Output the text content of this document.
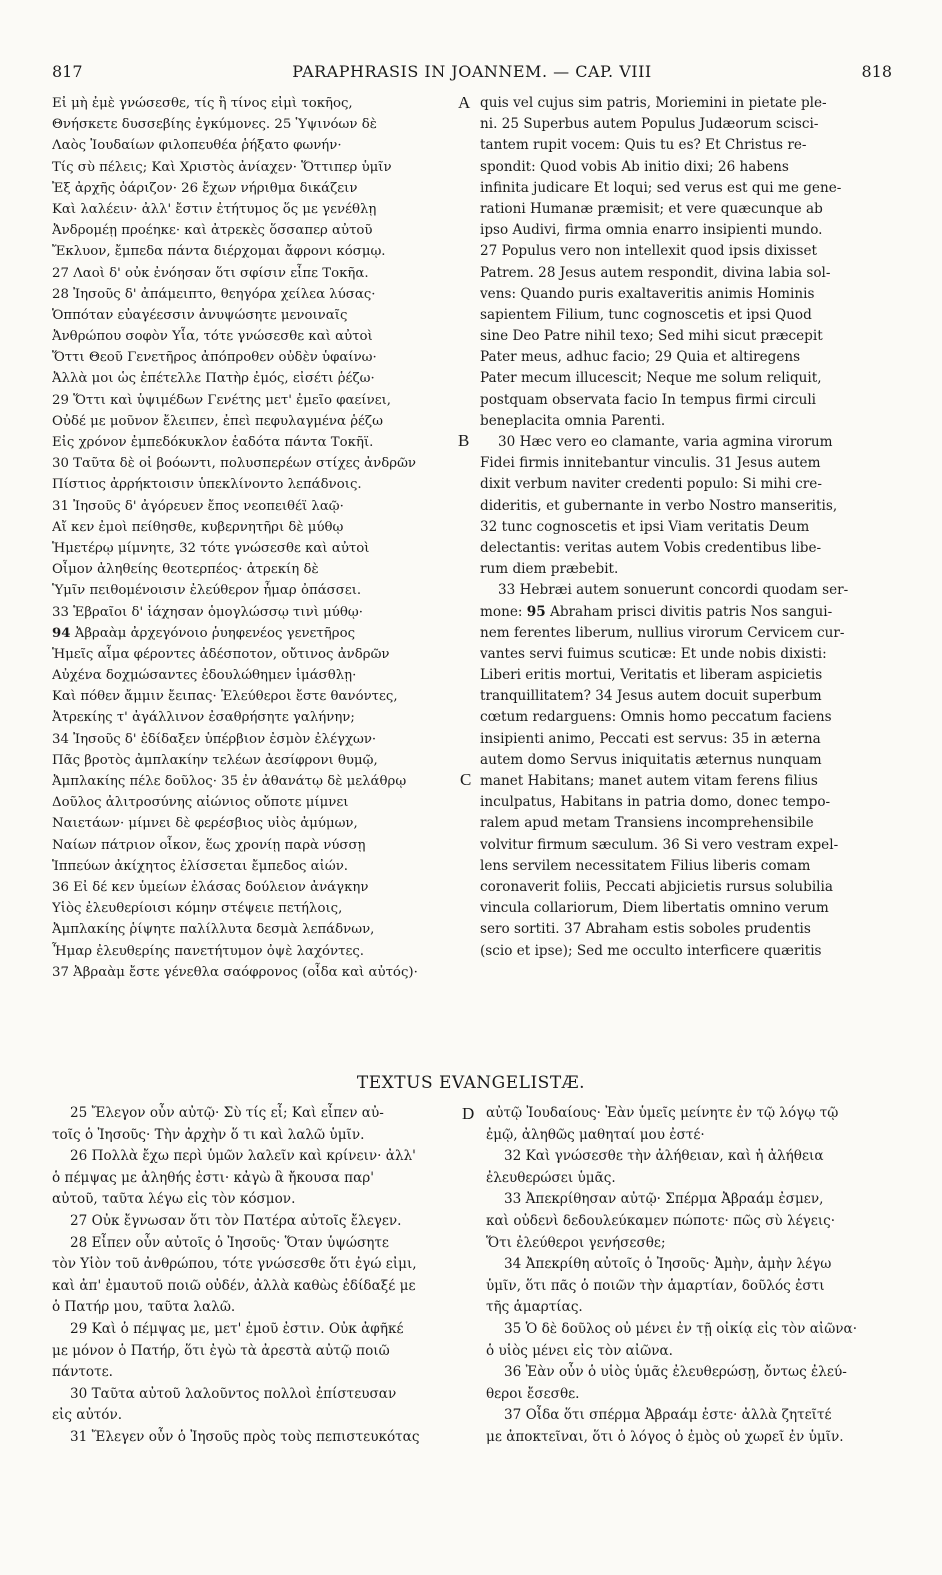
817	PARAPHRASIS IN JOANNEM. — CAP. VIII	818
Εἰ μὴ ἐμὲ γνώσεσθε, τίς ἢ τίνος εἰμὶ τοκῆος,
Θνήσκετε δυσσεβίης ἐγκύμονες. 25 Ὑψινόων δὲ
Λαὸς Ἰουδαίων φιλοπευθέα ῥήξατο φωνήν·
Τίς σὺ πέλεις; Καὶ Χριστὸς ἀνίαχεν· Ὅττιπερ ὑμῖν
Ἐξ ἀρχῆς ὀάριζον· 26 ἔχων νήριθμα δικάζειν
Καὶ λαλέειν· ἀλλ' ἔστιν ἐτήτυμος ὅς με γενέθλῃ
Ἀνδρομέῃ προέηκε· καὶ ἀτρεκὲς ὅσσαπερ αὐτοῦ
Ἔκλυον, ἔμπεδα πάντα διέρχομαι ἄφρονι κόσμῳ.
27 Λαοὶ δ' οὐκ ἐνόησαν ὅτι σφίσιν εἶπε Τοκῆα.
28 Ἰησοῦς δ' ἀπάμειπτο, θεηγόρα χείλεα λύσας·
Ὁππόταν εὐαγέεσσιν ἀνυψώσητε μενοιναῖς
Ἀνθρώπου σοφὸν Υἷα, τότε γνώσεσθε καὶ αὐτοὶ
Ὅττι Θεοῦ Γενετῆρος ἀπόπροθεν οὐδὲν ὑφαίνω·
Ἀλλὰ μοι ὡς ἐπέτελλε Πατὴρ ἐμός, εἰσέτι ῥέζω·
29 Ὅττι καὶ ὑψιμέδων Γενέτης μετ' ἐμεῖο φαείνει,
Οὐδέ με μοῦνον ἔλειπεν, ἐπεὶ πεφυλαγμένα ῥέζω
Εἰς χρόνον ἐμπεδόκυκλον ἑαδότα πάντα Τοκῆϊ.
30 Ταῦτα δὲ οἱ βοόωντι, πολυσπερέων στίχες ἀνδρῶν
Πίστιος ἀρρήκτοισιν ὑπεκλίνοντο λεπάδνοις.
31 Ἰησοῦς δ' ἀγόρευεν ἔπος νεοπειθέϊ λαῷ·
Αἴ κεν ἐμοὶ πείθησθε, κυβερνητῆρι δὲ μύθῳ
Ἡμετέρῳ μίμνητε, 32 τότε γνώσεσθε καὶ αὐτοὶ
Οἶμον ἀληθείης θεοτερπέος· ἀτρεκίη δὲ
Ὑμῖν πειθομένοισιν ἐλεύθερον ἦμαρ ὀπάσσει.
33 Ἑβραῖοι δ' ἰάχησαν ὁμογλώσσῳ τινὶ μύθῳ·
94 Ἀβραὰμ ἀρχεγόνοιο ῥυηφενέος γενετῆρος
Ἡμεῖς αἷμα φέροντες ἀδέσποτον, οὔτινος ἀνδρῶν
Αὐχένα δοχμώσαντες ἐδουλώθημεν ἱμάσθλῃ·
Καὶ πόθεν ἄμμιν ἔειπας· Ἐλεύθεροι ἔστε θανόντες,
Ἀτρεκίης τ' ἀγάλλινον ἐσαθρήσητε γαλήνην;
34 Ἰησοῦς δ' ἐδίδαξεν ὑπέρβιον ἐσμὸν ἐλέγχων·
Πᾶς βροτὸς ἀμπλακίην τελέων ἀεσίφρονι θυμῷ,
Ἀμπλακίης πέλε δοῦλος· 35 ἐν ἀθανάτῳ δὲ μελάθρῳ
Δοῦλος ἀλιτροσύνης αἰώνιος οὔποτε μίμνει
Ναιετάων· μίμνει δὲ φερέσβιος υἱὸς ἀμύμων,
Ναίων πάτριον οἶκον, ἕως χρονίῃ παρὰ νύσσῃ
Ἱππεύων ἀκίχητος ἐλίσσεται ἔμπεδος αἰών.
36 Εἰ δέ κεν ὑμείων ἐλάσας δούλειον ἀνάγκην
Υἱὸς ἐλευθερίοισι κόμην στέψειε πετήλοις,
Ἀμπλακίης ῥίψητε παλίλλυτα δεσμὰ λεπάδνων,
Ἦμαρ ἐλευθερίης πανετήτυμον ὀψὲ λαχόντες.
37 Ἀβραὰμ ἔστε γένεθλα σαόφρονος (οἶδα καὶ αὐτός)·
quis vel cujus sim patris, Moriemini in pietate ple-
ni. 25 Superbus autem Populus Judæorum scisci-
tantem rupit vocem: Quis tu es? Et Christus re-
spondit: Quod vobis Ab initio dixi; 26 habens
infinita judicare Et loqui; sed verus est qui me gene-
rationi Humanæ præmisit; et vere quæcunque ab
ipso Audivi, firma omnia enarro insipienti mundo.
27 Populus vero non intellexit quod ipsis dixisset
Patrem. 28 Jesus autem respondit, divina labia sol-
vens: Quando puris exaltaveritis animis Hominis
sapientem Filium, tunc cognoscetis et ipsi Quod
sine Deo Patre nihil texo; Sed mihi sicut præcepit
Pater meus, adhuc facio; 29 Quia et altiregens
Pater mecum illucescit; Neque me solum reliquit,
postquam observata facio In tempus firmi circuli
beneplacita omnia Parenti.
30 Hæc vero eo clamante, varia agmina virorum
Fidei firmis innitebantur vinculis. 31 Jesus autem
dixit verbum naviter credenti populo: Si mihi cre-
dideritis, et gubernante in verbo Nostro manseritis,
32 tunc cognoscetis et ipsi Viam veritatis Deum
delectantis: veritas autem Vobis credentibus libe-
rum diem præbebit.
33 Hebræi autem sonuerunt concordi quodam ser-
mone: 95 Abraham prisci divitis patris Nos sangui-
nem ferentes liberum, nullius virorum Cervicem cur-
vantes servi fuimus scuticæ: Et unde nobis dixisti:
Liberi eritis mortui, Veritatis et liberam aspicietis
tranquillitatem? 34 Jesus autem docuit superbum
cœtum redarguens: Omnis homo peccatum faciens
insipienti animo, Peccati est servus: 35 in æterna
autem domo Servus iniquitatis æternus nunquam
manet Habitans; manet autem vitam ferens filius
inculpatus, Habitans in patria domo, donec tempo-
ralem apud metam Transiens incomprehensibile
volvitur firmum sæculum. 36 Si vero vestram expel-
lens servilem necessitatem Filius liberis comam
coronaverit foliis, Peccati abjicietis rursus solubilia
vincula collariorum, Diem libertatis omnino verum
sero sortiti. 37 Abraham estis soboles prudentis
(scio et ipse); Sed me occulto interficere quæritis
A
B
C
D
TEXTUS EVANGELISTÆ.
25 Ἔλεγον οὖν αὐτῷ· Σὺ τίς εἶ; Καὶ εἶπεν αὐ-
τοῖς ὁ Ἰησοῦς· Τὴν ἀρχὴν ὅ τι καὶ λαλῶ ὑμῖν.
26 Πολλὰ ἔχω περὶ ὑμῶν λαλεῖν καὶ κρίνειν· ἀλλ'
ὁ πέμψας με ἀληθής ἐστι· κἀγὼ ἃ ἤκουσα παρ'
αὐτοῦ, ταῦτα λέγω εἰς τὸν κόσμον.
27 Οὐκ ἔγνωσαν ὅτι τὸν Πατέρα αὐτοῖς ἔλεγεν.
28 Εἶπεν οὖν αὐτοῖς ὁ Ἰησοῦς· Ὅταν ὑψώσητε
τὸν Υἱὸν τοῦ ἀνθρώπου, τότε γνώσεσθε ὅτι ἐγώ εἰμι,
καὶ ἀπ' ἐμαυτοῦ ποιῶ οὐδέν, ἀλλὰ καθὼς ἐδίδαξέ με
ὁ Πατήρ μου, ταῦτα λαλῶ.
29 Καὶ ὁ πέμψας με, μετ' ἐμοῦ ἐστιν. Οὐκ ἀφῆκέ
με μόνον ὁ Πατήρ, ὅτι ἐγὼ τὰ ἀρεστὰ αὐτῷ ποιῶ
πάντοτε.
30 Ταῦτα αὐτοῦ λαλοῦντος πολλοὶ ἐπίστευσαν
εἰς αὐτόν.
31 Ἔλεγεν οὖν ὁ Ἰησοῦς πρὸς τοὺς πεπιστευκότας
αὐτῷ Ἰουδαίους· Ἐὰν ὑμεῖς μείνητε ἐν τῷ λόγῳ τῷ
ἐμῷ, ἀληθῶς μαθηταί μου ἐστέ·
32 Καὶ γνώσεσθε τὴν ἀλήθειαν, καὶ ἡ ἀλήθεια
ἐλευθερώσει ὑμᾶς.
33 Ἀπεκρίθησαν αὐτῷ· Σπέρμα Ἀβραάμ ἐσμεν,
καὶ οὐδενὶ δεδουλεύκαμεν πώποτε· πῶς σὺ λέγεις·
Ὅτι ἐλεύθεροι γενήσεσθε;
34 Ἀπεκρίθη αὐτοῖς ὁ Ἰησοῦς· Ἀμὴν, ἀμὴν λέγω
ὑμῖν, ὅτι πᾶς ὁ ποιῶν τὴν ἁμαρτίαν, δοῦλός ἐστι
τῆς ἁμαρτίας.
35 Ὁ δὲ δοῦλος οὐ μένει ἐν τῇ οἰκίᾳ εἰς τὸν αἰῶνα·
ὁ υἱὸς μένει εἰς τὸν αἰῶνα.
36 Ἐὰν οὖν ὁ υἱὸς ὑμᾶς ἐλευθερώσῃ, ὄντως ἐλεύ-
θεροι ἔσεσθε.
37 Οἶδα ὅτι σπέρμα Ἀβραάμ ἐστε· ἀλλὰ ζητεῖτέ
με ἀποκτεῖναι, ὅτι ὁ λόγος ὁ ἐμὸς οὐ χωρεῖ ἐν ὑμῖν.
